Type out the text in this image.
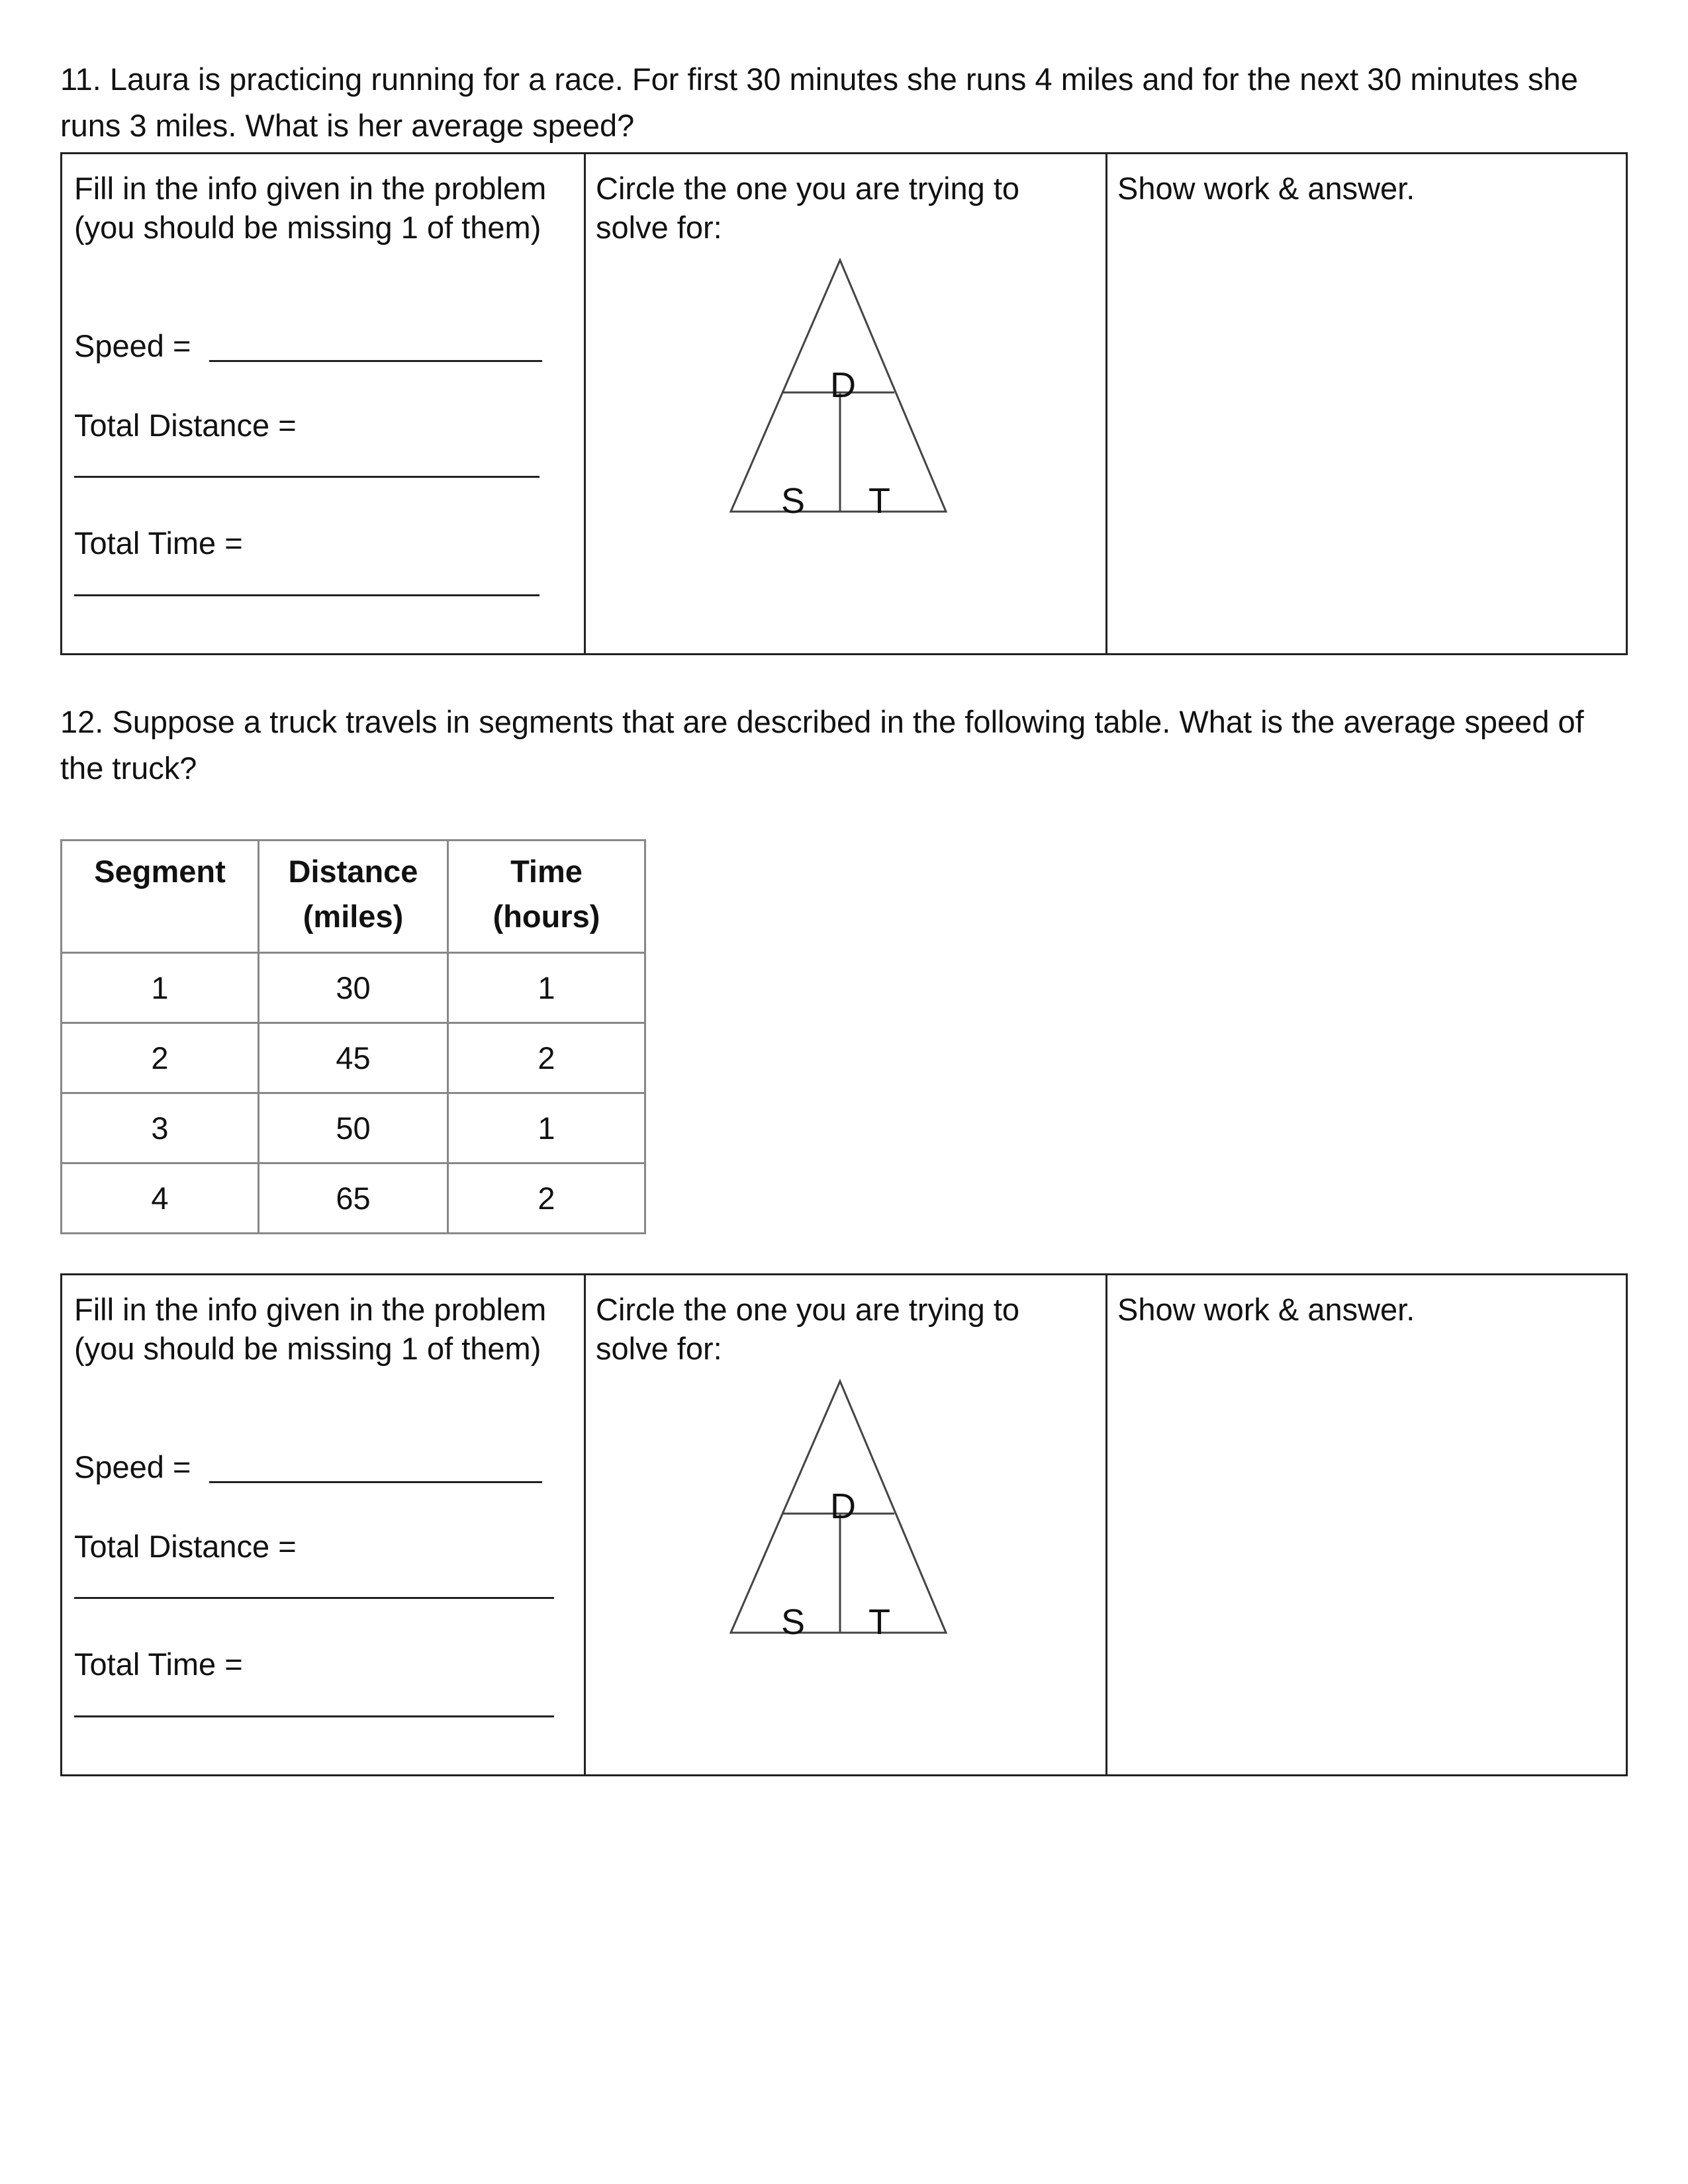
11. Laura is practicing running for a race. For first 30 minutes she runs 4 miles and for the next 30 minutes she runs 3 miles. What is her average speed?
Fill in the info given in the problem (you should be missing 1 of them)
Speed =
Total Distance =
Total Time =
Circle the one you are trying to solve for:
D
S T
Show work & answer.
12. Suppose a truck travels in segments that are described in the following table. What is the average speed of the truck?
Segment	Distance (miles)	Time (hours)
1	30	1
2	45	2
3	50	1
4	65	2
Fill in the info given in the problem (you should be missing 1 of them)
Speed =
Total Distance =
Total Time =
Circle the one you are trying to solve for:
D
S T
Show work & answer.
